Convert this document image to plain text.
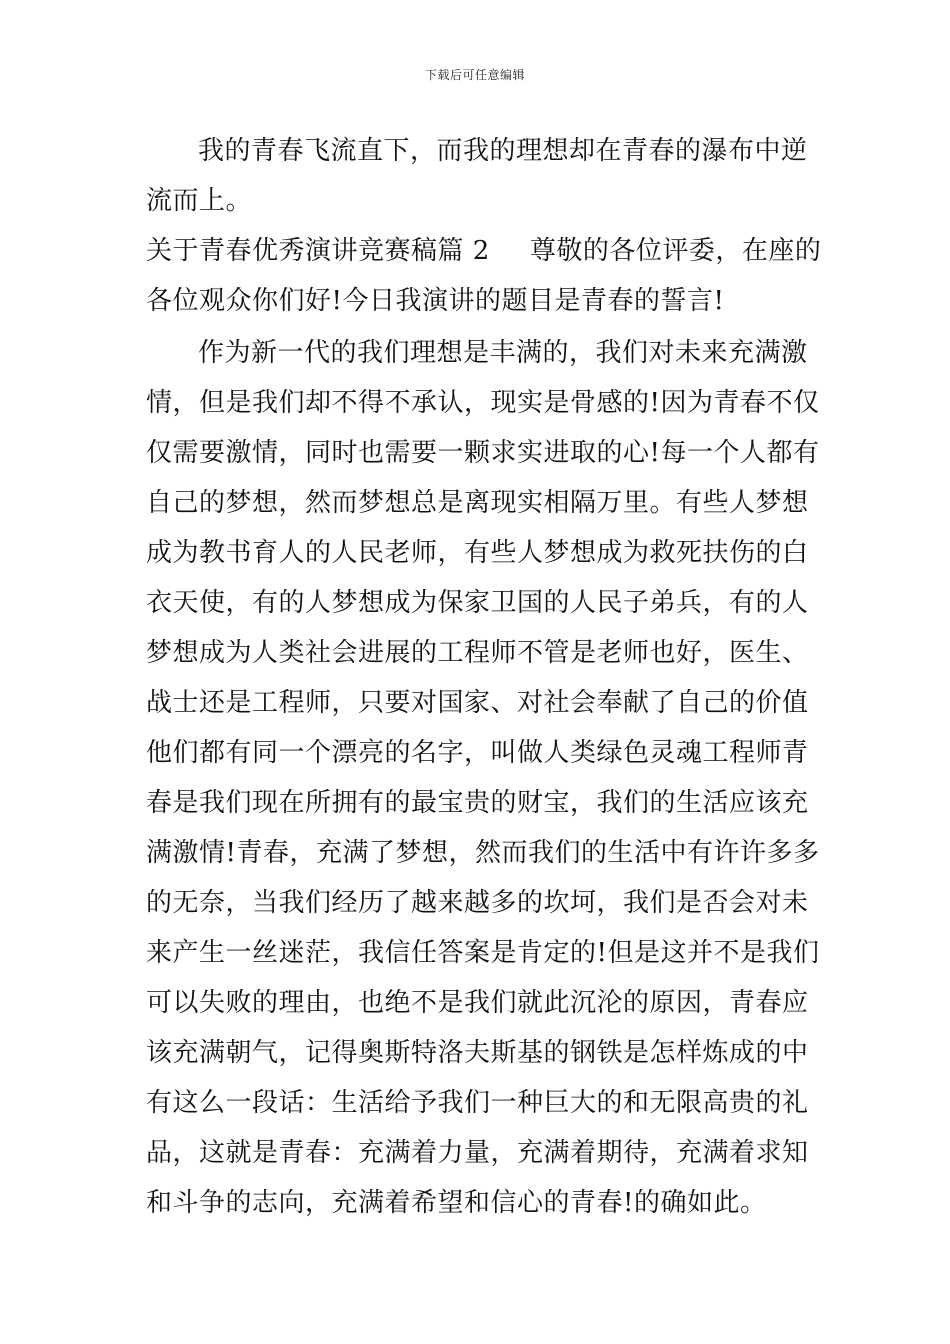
下载后可任意编辑
我的青春飞流直下，而我的理想却在青春的瀑布中逆
流而上。
关于青春优秀演讲竞赛稿篇 2 尊敬的各位评委，在座的
各位观众你们好!今日我演讲的题目是青春的誓言!
作为新一代的我们理想是丰满的，我们对未来充满激
情，但是我们却不得不承认，现实是骨感的!因为青春不仅
仅需要激情，同时也需要一颗求实进取的心!每一个人都有
自己的梦想，然而梦想总是离现实相隔万里。有些人梦想
成为教书育人的人民老师，有些人梦想成为救死扶伤的白
衣天使，有的人梦想成为保家卫国的人民子弟兵，有的人
梦想成为人类社会进展的工程师不管是老师也好，医生、
战士还是工程师，只要对国家、对社会奉献了自己的价值
他们都有同一个漂亮的名字，叫做人类绿色灵魂工程师青
春是我们现在所拥有的最宝贵的财宝，我们的生活应该充
满激情!青春，充满了梦想，然而我们的生活中有许许多多
的无奈，当我们经历了越来越多的坎坷，我们是否会对未
来产生一丝迷茫，我信任答案是肯定的!但是这并不是我们
可以失败的理由，也绝不是我们就此沉沦的原因，青春应
该充满朝气，记得奥斯特洛夫斯基的钢铁是怎样炼成的中
有这么一段话：生活给予我们一种巨大的和无限高贵的礼
品，这就是青春：充满着力量，充满着期待，充满着求知
和斗争的志向，充满着希望和信心的青春!的确如此。
